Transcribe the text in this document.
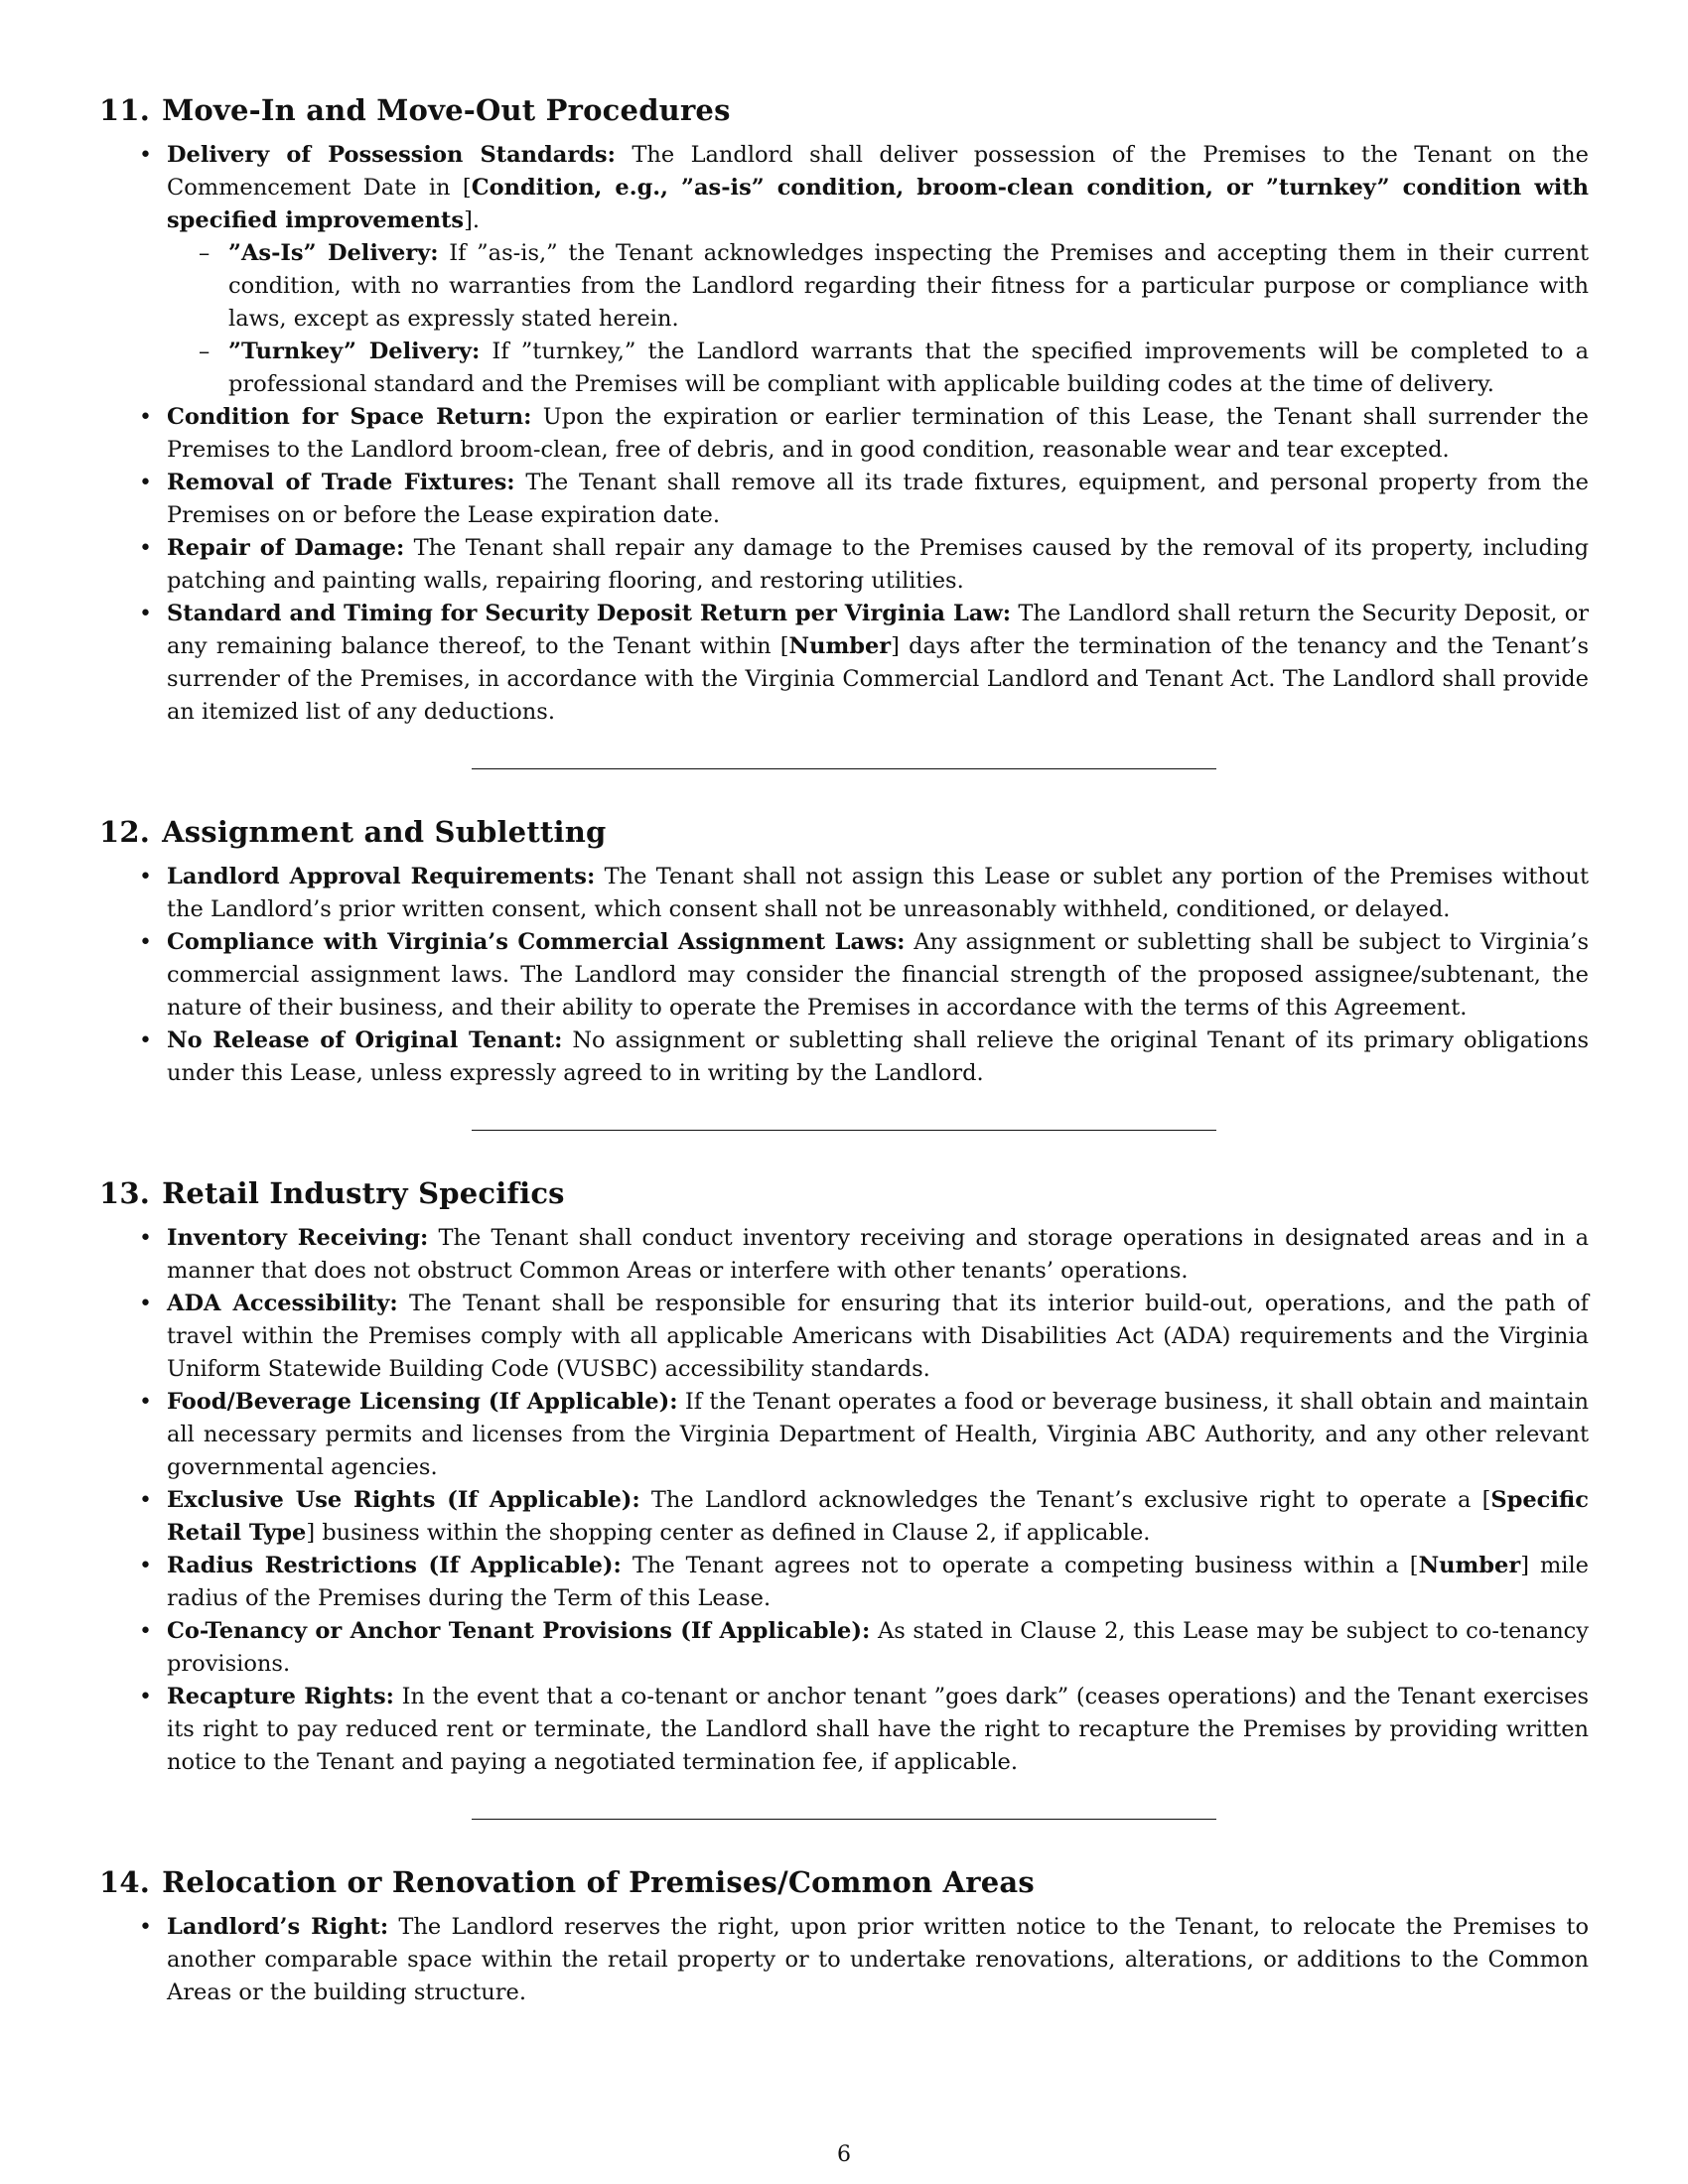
11. Move-In and Move-Out Procedures
• Delivery of Possession Standards: The Landlord shall deliver possession of the Premises to the Tenant on the Commencement Date in [Condition, e.g., ”as-is” condition, broom-clean condition, or ”turnkey” condition with specified improvements].
– ”As-Is” Delivery: If ”as-is,” the Tenant acknowledges inspecting the Premises and accepting them in their current condition, with no warranties from the Landlord regarding their fitness for a particular purpose or compliance with laws, except as expressly stated herein.
– ”Turnkey” Delivery: If ”turnkey,” the Landlord warrants that the specified improvements will be completed to a professional standard and the Premises will be compliant with applicable building codes at the time of delivery.
• Condition for Space Return: Upon the expiration or earlier termination of this Lease, the Tenant shall surrender the Premises to the Landlord broom-clean, free of debris, and in good condition, reasonable wear and tear excepted.
• Removal of Trade Fixtures: The Tenant shall remove all its trade fixtures, equipment, and personal property from the Premises on or before the Lease expiration date.
• Repair of Damage: The Tenant shall repair any damage to the Premises caused by the removal of its property, including patching and painting walls, repairing flooring, and restoring utilities.
• Standard and Timing for Security Deposit Return per Virginia Law: The Landlord shall return the Security Deposit, or any remaining balance thereof, to the Tenant within [Number] days after the termination of the tenancy and the Tenant’s surrender of the Premises, in accordance with the Virginia Commercial Landlord and Tenant Act. The Landlord shall provide an itemized list of any deductions.
12. Assignment and Subletting
• Landlord Approval Requirements: The Tenant shall not assign this Lease or sublet any portion of the Premises without the Landlord’s prior written consent, which consent shall not be unreasonably withheld, conditioned, or delayed.
• Compliance with Virginia’s Commercial Assignment Laws: Any assignment or subletting shall be subject to Virginia’s commercial assignment laws. The Landlord may consider the financial strength of the proposed assignee/subtenant, the nature of their business, and their ability to operate the Premises in accordance with the terms of this Agreement.
• No Release of Original Tenant: No assignment or subletting shall relieve the original Tenant of its primary obligations under this Lease, unless expressly agreed to in writing by the Landlord.
13. Retail Industry Specifics
• Inventory Receiving: The Tenant shall conduct inventory receiving and storage operations in designated areas and in a manner that does not obstruct Common Areas or interfere with other tenants’ operations.
• ADA Accessibility: The Tenant shall be responsible for ensuring that its interior build-out, operations, and the path of travel within the Premises comply with all applicable Americans with Disabilities Act (ADA) requirements and the Virginia Uniform Statewide Building Code (VUSBC) accessibility standards.
• Food/Beverage Licensing (If Applicable): If the Tenant operates a food or beverage business, it shall obtain and maintain all necessary permits and licenses from the Virginia Department of Health, Virginia ABC Authority, and any other relevant governmental agencies.
• Exclusive Use Rights (If Applicable): The Landlord acknowledges the Tenant’s exclusive right to operate a [Specific Retail Type] business within the shopping center as defined in Clause 2, if applicable.
• Radius Restrictions (If Applicable): The Tenant agrees not to operate a competing business within a [Number] mile radius of the Premises during the Term of this Lease.
• Co-Tenancy or Anchor Tenant Provisions (If Applicable): As stated in Clause 2, this Lease may be subject to co-tenancy provisions.
• Recapture Rights: In the event that a co-tenant or anchor tenant ”goes dark” (ceases operations) and the Tenant exercises its right to pay reduced rent or terminate, the Landlord shall have the right to recapture the Premises by providing written notice to the Tenant and paying a negotiated termination fee, if applicable.
14. Relocation or Renovation of Premises/Common Areas
• Landlord’s Right: The Landlord reserves the right, upon prior written notice to the Tenant, to relocate the Premises to another comparable space within the retail property or to undertake renovations, alterations, or additions to the Common Areas or the building structure.
6
